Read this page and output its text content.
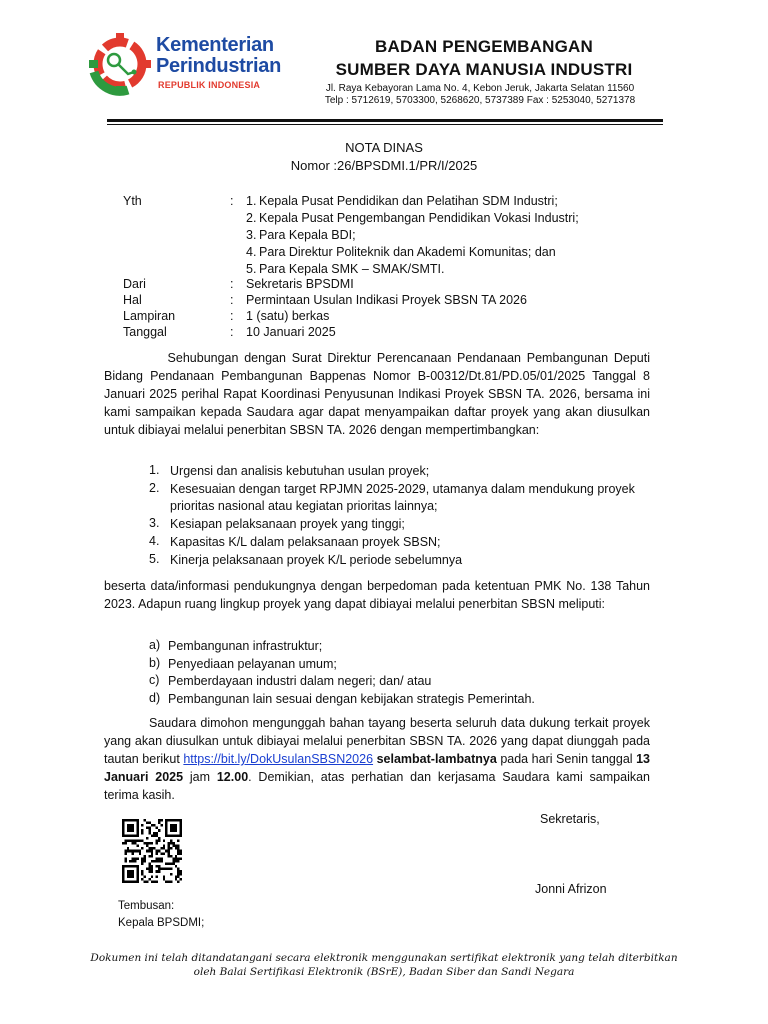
Kementerian
Perindustrian
REPUBLIK INDONESIA
BADAN PENGEMBANGAN
SUMBER DAYA MANUSIA INDUSTRI
Jl. Raya Kebayoran Lama No. 4, Kebon Jeruk, Jakarta Selatan 11560
Telp : 5712619, 5703300, 5268620, 5737389 Fax : 5253040, 5271378
NOTA DINAS
Nomor :26/BPSDMI.1/PR/I/2025
Yth	: 1. Kepala Pusat Pendidikan dan Pelatihan SDM Industri;
2. Kepala Pusat Pengembangan Pendidikan Vokasi Industri;
3. Para Kepala BDI;
4. Para Direktur Politeknik dan Akademi Komunitas; dan
5. Para Kepala SMK – SMAK/SMTI.
Dari	: Sekretaris BPSDMI
Hal	: Permintaan Usulan Indikasi Proyek SBSN TA 2026
Lampiran	: 1 (satu) berkas
Tanggal	: 10 Januari 2025
Sehubungan dengan Surat Direktur Perencanaan Pendanaan Pembangunan Deputi Bidang Pendanaan Pembangunan Bappenas Nomor B-00312/Dt.81/PD.05/01/2025 Tanggal 8 Januari 2025 perihal Rapat Koordinasi Penyusunan Indikasi Proyek SBSN TA. 2026, bersama ini kami sampaikan kepada Saudara agar dapat menyampaikan daftar proyek yang akan diusulkan untuk dibiayai melalui penerbitan SBSN TA. 2026 dengan mempertimbangkan:
1. Urgensi dan analisis kebutuhan usulan proyek;
2. Kesesuaian dengan target RPJMN 2025-2029, utamanya dalam mendukung proyek prioritas nasional atau kegiatan prioritas lainnya;
3. Kesiapan pelaksanaan proyek yang tinggi;
4. Kapasitas K/L dalam pelaksanaan proyek SBSN;
5. Kinerja pelaksanaan proyek K/L periode sebelumnya
beserta data/informasi pendukungnya dengan berpedoman pada ketentuan PMK No. 138 Tahun 2023. Adapun ruang lingkup proyek yang dapat dibiayai melalui penerbitan SBSN meliputi:
a) Pembangunan infrastruktur;
b) Penyediaan pelayanan umum;
c) Pemberdayaan industri dalam negeri; dan/ atau
d) Pembangunan lain sesuai dengan kebijakan strategis Pemerintah.
Saudara dimohon mengunggah bahan tayang beserta seluruh data dukung terkait proyek yang akan diusulkan untuk dibiayai melalui penerbitan SBSN TA. 2026 yang dapat diunggah pada tautan berikut https://bit.ly/DokUsulanSBSN2026 selambat-lambatnya pada hari Senin tanggal 13 Januari 2025 jam 12.00. Demikian, atas perhatian dan kerjasama Saudara kami sampaikan terima kasih.
Sekretaris,
Jonni Afrizon
Tembusan:
Kepala BPSDMI;
Dokumen ini telah ditandatangani secara elektronik menggunakan sertifikat elektronik yang telah diterbitkan
oleh Balai Sertifikasi Elektronik (BSrE), Badan Siber dan Sandi Negara
